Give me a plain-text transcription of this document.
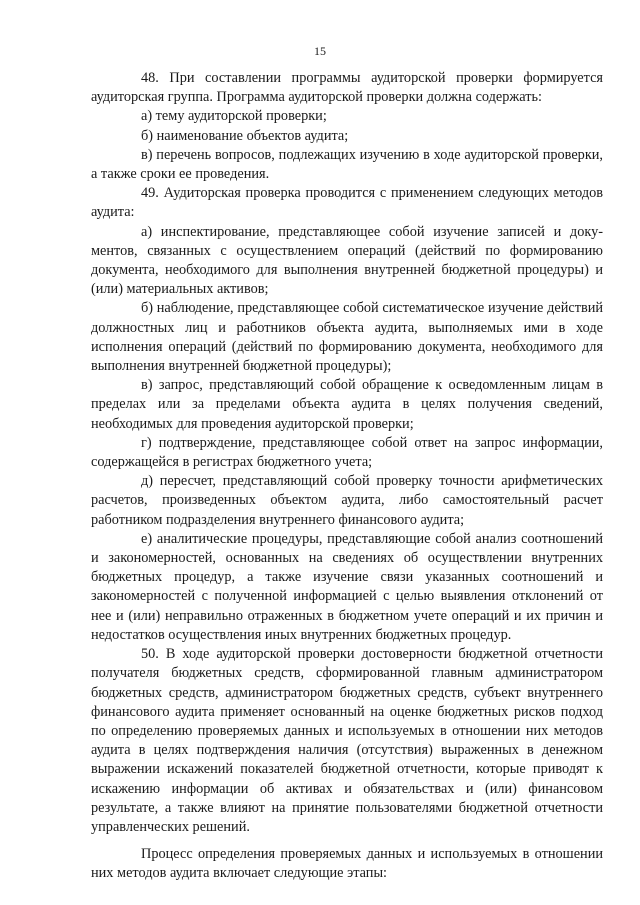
15

48. При составлении программы аудиторской проверки формируется аудиторская группа. Программа аудиторской проверки должна содержать:

а) тему аудиторской проверки;

б) наименование объектов аудита;

в) перечень вопросов, подлежащих изучению в ходе аудиторской проверки, а также сроки ее проведения.

49. Аудиторская проверка проводится с применением следующих методов аудита:

а) инспектирование, представляющее собой изучение записей и документов, связанных с осуществлением операций (действий по формированию документа, необходимого для выполнения внутренней бюджетной процедуры) и (или) материальных активов;

б) наблюдение, представляющее собой систематическое изучение действий должностных лиц и работников объекта аудита, выполняемых ими в ходе исполнения операций (действий по формированию документа, необходимого для выполнения внутренней бюджетной процедуры);

в) запрос, представляющий собой обращение к осведомленным лицам в пределах или за пределами объекта аудита в целях получения сведений, необходимых для проведения аудиторской проверки;

г) подтверждение, представляющее собой ответ на запрос информации, содержащейся в регистрах бюджетного учета;

д) пересчет, представляющий собой проверку точности арифметических расчетов, произведенных объектом аудита, либо самостоятельный расчет работником подразделения внутреннего финансового аудита;

е) аналитические процедуры, представляющие собой анализ соотношений и закономерностей, основанных на сведениях об осуществлении внутренних бюджетных процедур, а также изучение связи указанных соотношений и закономерностей с полученной информацией с целью выявления отклонений от нее и (или) неправильно отраженных в бюджетном учете операций и их причин и недостатков осуществления иных внутренних бюджетных процедур.

50. В ходе аудиторской проверки достоверности бюджетной отчетности получателя бюджетных средств, сформированной главным администратором бюджетных средств, администратором бюджетных средств, субъект внутреннего финансового аудита применяет основанный на оценке бюджетных рисков подход по определению проверяемых данных и используемых в отношении них методов аудита в целях подтверждения наличия (отсутствия) выраженных в денежном выражении искажений показателей бюджетной отчетности, которые приводят к искажению информации об активах и обязательствах и (или) финансовом результате, а также влияют на принятие пользователями бюджетной отчетности управленческих решений.

Процесс определения проверяемых данных и используемых в отношении них методов аудита включает следующие этапы:
